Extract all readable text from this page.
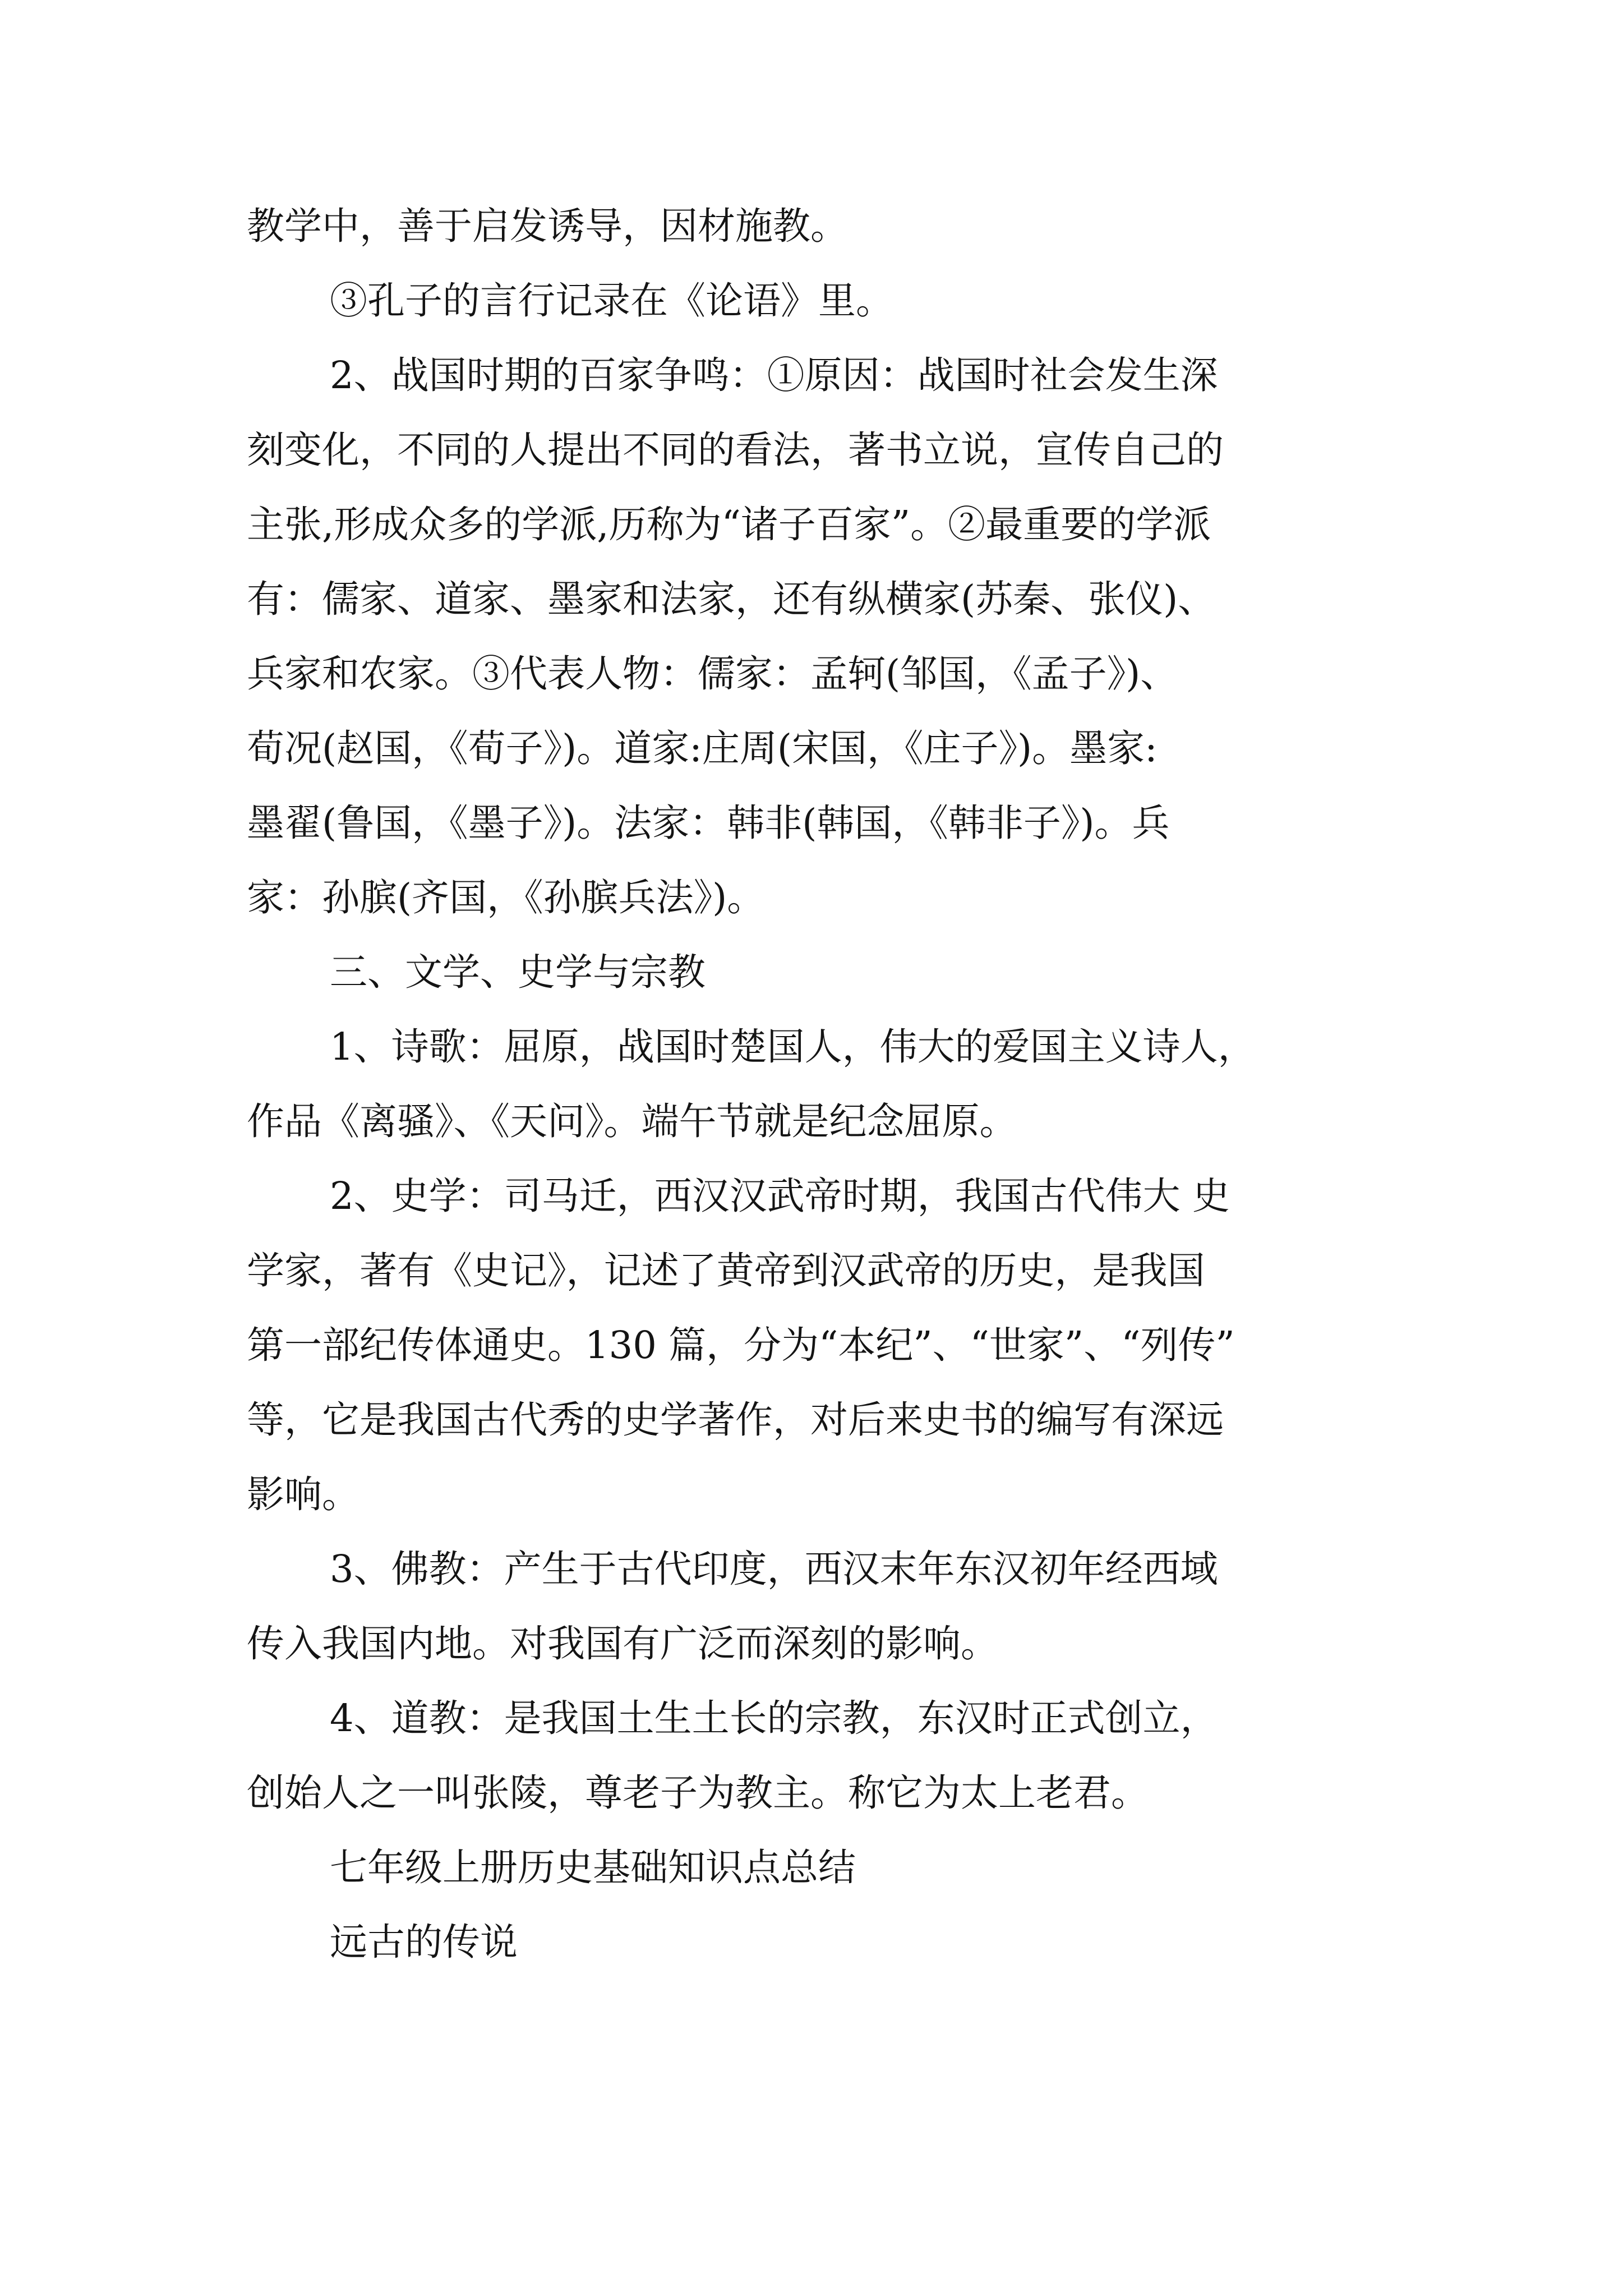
教学中，善于启发诱导，因材施教。
③孔子的言行记录在《论语》里。
2、战国时期的百家争鸣：①原因：战国时社会发生深
刻变化，不同的人提出不同的看法，著书立说，宣传自己的
主张,形成众多的学派,历称为“诸子百家”。②最重要的学派
有：儒家、道家、墨家和法家，还有纵横家(苏秦、张仪)、
兵家和农家。③代表人物：儒家：孟轲(邹国，《孟子》)、
荀况(赵国，《荀子》)。道家:庄周(宋国，《庄子》)。墨家:
墨翟(鲁国，《墨子》)。法家：韩非(韩国，《韩非子》)。兵
家：孙膑(齐国，《孙膑兵法》)。
三、文学、史学与宗教
1、诗歌：屈原，战国时楚国人，伟大的爱国主义诗人，
作品《离骚》、《天问》。端午节就是纪念屈原。
2、史学：司马迁，西汉汉武帝时期，我国古代伟大 史
学家，著有《史记》，记述了黄帝到汉武帝的历史，是我国
第一部纪传体通史。130 篇，分为“本纪”、“世家”、“列传”
等，它是我国古代秀的史学著作，对后来史书的编写有深远
影响。
3、佛教：产生于古代印度，西汉末年东汉初年经西域
传入我国内地。对我国有广泛而深刻的影响。
4、道教：是我国土生土长的宗教，东汉时正式创立，
创始人之一叫张陵，尊老子为教主。称它为太上老君。
七年级上册历史基础知识点总结
远古的传说
